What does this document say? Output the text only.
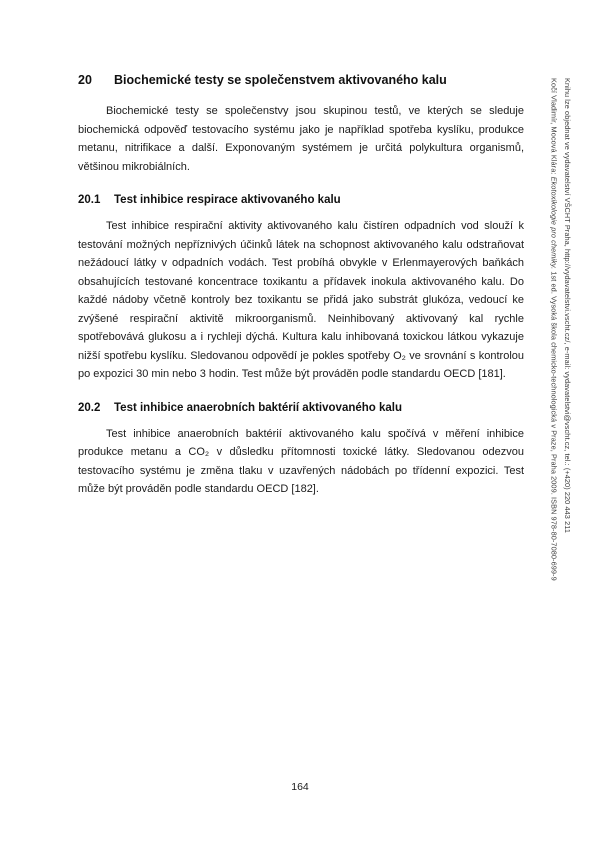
20	Biochemické testy se společenstvem aktivovaného kalu

Biochemické testy se společenstvy jsou skupinou testů, ve kterých se sleduje biochemická odpověď testovacího systému jako je například spotřeba kyslíku, produkce metanu, nitrifikace a další. Exponovaným systémem je určitá polykultura organismů, většinou mikrobiálních.

20.1	Test inhibice respirace aktivovaného kalu

Test inhibice respirační aktivity aktivovaného kalu čistíren odpadních vod slouží k testování možných nepříznivých účinků látek na schopnost aktivovaného kalu odstraňovat nežádoucí látky v odpadních vodách. Test probíhá obvykle v Erlenmayerových baňkách obsahujících testované koncentrace toxikantu a přídavek inokula aktivovaného kalu. Do každé nádoby včetně kontroly bez toxikantu se přidá jako substrát glukóza, vedoucí ke zvýšené respirační aktivitě mikroorganismů. Neinhibovaný aktivovaný kal rychle spotřebovává glukosu a i rychleji dýchá. Kultura kalu inhibovaná toxickou látkou vykazuje nižší spotřebu kyslíku. Sledovanou odpovědí je pokles spotřeby O₂ ve srovnání s kontrolou po expozici 30 min nebo 3 hodin. Test může být prováděn podle standardu OECD [181].

20.2	Test inhibice anaerobních baktérií aktivovaného kalu

Test inhibice anaerobních baktérií aktivovaného kalu spočívá v měření inhibice produkce metanu a CO₂ v důsledku přítomnosti toxické látky. Sledovanou odezvou testovacího systému je změna tlaku v uzavřených nádobách po třídenní expozici. Test může být prováděn podle standardu OECD [182].

Kočí Vladimír, Mocová Klára: Ekotoxikologie pro chemiky. 1st ed. Vysoká škola chemicko-technologická v Praze, Praha 2009. ISBN 978-80-7080-699-9 Knihu lze objednat ve vydavatelství VŠCHT Praha, http://vydavatelstvi.vscht.cz/, e-mail: vydavatelstvi@vscht.cz, tel.: (+420) 220 443 211
164
